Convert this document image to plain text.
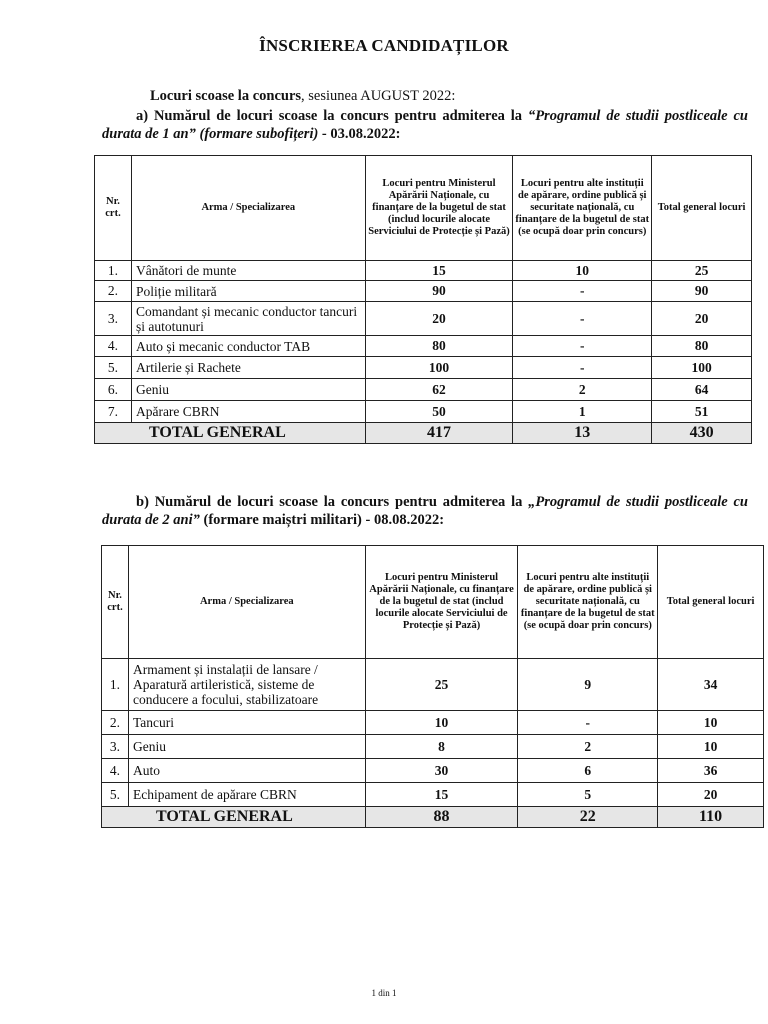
ÎNSCRIEREA CANDIDAȚILOR
Locuri scoase la concurs, sesiunea AUGUST 2022:
a) Numărul de locuri scoase la concurs pentru admiterea la “Programul de studii postliceale cu durata de 1 an” (formare subofițeri) - 03.08.2022:
Nr. crt.	Arma / Specializarea	Locuri pentru Ministerul Apărării Naționale, cu finanțare de la bugetul de stat (includ locurile alocate Serviciului de Protecție și Pază)	Locuri pentru alte instituții de apărare, ordine publică și securitate națională, cu finanțare de la bugetul de stat (se ocupă doar prin concurs)	Total general locuri
1.	Vânători de munte	15	10	25
2.	Poliție militară	90	-	90
3.	Comandant și mecanic conductor tancuri și autotunuri	20	-	20
4.	Auto și mecanic conductor TAB	80	-	80
5.	Artilerie și Rachete	100	-	100
6.	Geniu	62	2	64
7.	Apărare CBRN	50	1	51
TOTAL GENERAL		417	13	430
b) Numărul de locuri scoase la concurs pentru admiterea la „Programul de studii postliceale cu durata de 2 ani” (formare maiștri militari) - 08.08.2022:
Nr. crt.	Arma / Specializarea	Locuri pentru Ministerul Apărării Naționale, cu finanțare de la bugetul de stat (includ locurile alocate Serviciului de Protecție și Pază)	Locuri pentru alte instituții de apărare, ordine publică și securitate națională, cu finanțare de la bugetul de stat (se ocupă doar prin concurs)	Total general locuri
1.	Armament și instalații de lansare / Aparatură artileristică, sisteme de conducere a focului, stabilizatoare	25	9	34
2.	Tancuri	10	-	10
3.	Geniu	8	2	10
4.	Auto	30	6	36
5.	Echipament de apărare CBRN	15	5	20
TOTAL GENERAL		88	22	110
1 din 1
